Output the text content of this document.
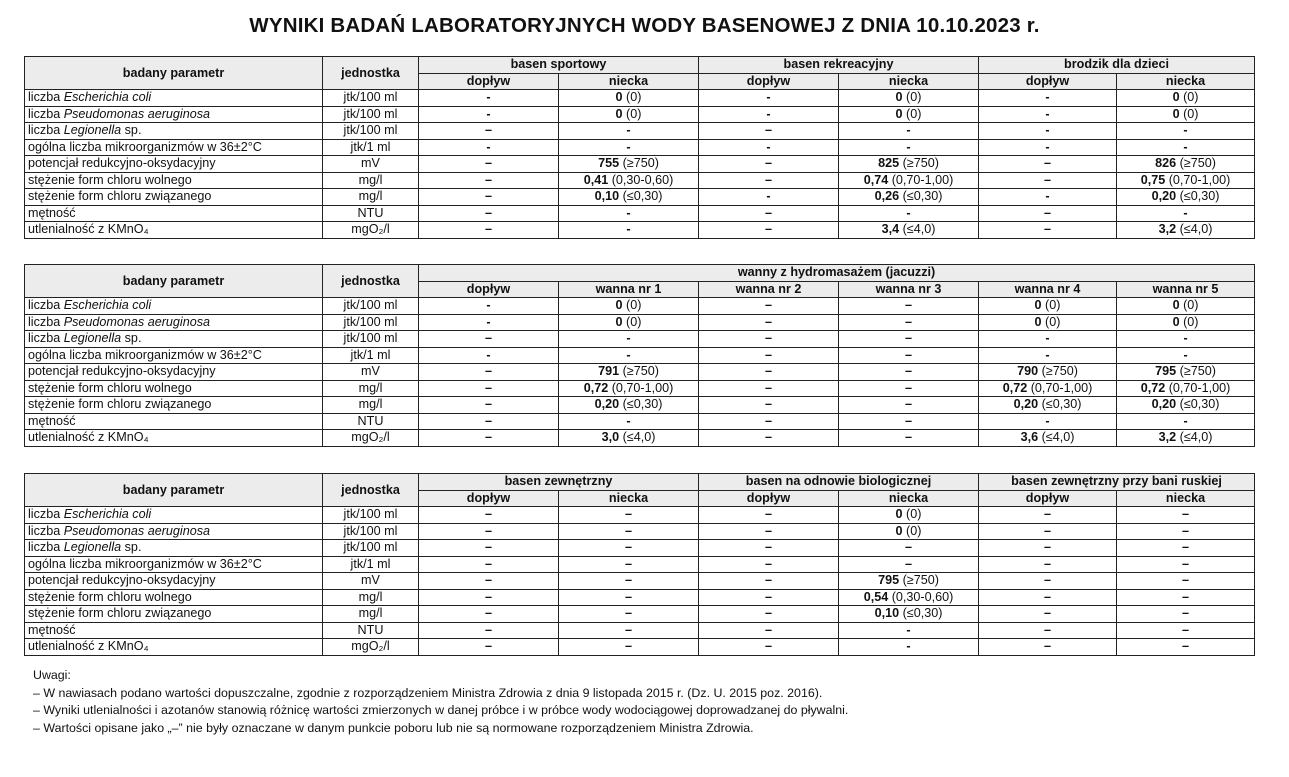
WYNIKI BADAŃ LABORATORYJNYCH WODY BASENOWEJ Z DNIA 10.10.2023 r.
badany parametr	jednostka	basen sportowy		basen rekreacyjny		brodzik dla dzieci	
		dopływ	niecka	dopływ	niecka	dopływ	niecka
liczba Escherichia coli	jtk/100 ml	-	0 (0)	-	0 (0)	-	0 (0)
liczba Pseudomonas aeruginosa	jtk/100 ml	-	0 (0)	-	0 (0)	-	0 (0)
liczba Legionella sp.	jtk/100 ml	–	-	–	-	-	-
ogólna liczba mikroorganizmów w 36±2°C	jtk/1 ml	-	-	-	-	-	-
potencjał redukcyjno-oksydacyjny	mV	–	755 (≥750)	–	825 (≥750)	–	826 (≥750)
stężenie form chloru wolnego	mg/l	–	0,41 (0,30-0,60)	–	0,74 (0,70-1,00)	–	0,75 (0,70-1,00)
stężenie form chloru związanego	mg/l	–	0,10 (≤0,30)	-	0,26 (≤0,30)	-	0,20 (≤0,30)
mętność	NTU	–	-	–	-	–	-
utlenialność z KMnO₄	mgO₂/l	–	-	–	3,4 (≤4,0)	–	3,2 (≤4,0)
badany parametr	jednostka	wanny z hydromasażem (jacuzzi)					
		dopływ	wanna nr 1	wanna nr 2	wanna nr 3	wanna nr 4	wanna nr 5
liczba Escherichia coli	jtk/100 ml	-	0 (0)	–	–	0 (0)	0 (0)
liczba Pseudomonas aeruginosa	jtk/100 ml	-	0 (0)	–	–	0 (0)	0 (0)
liczba Legionella sp.	jtk/100 ml	–	-	–	–	-	-
ogólna liczba mikroorganizmów w 36±2°C	jtk/1 ml	-	-	–	–	-	-
potencjał redukcyjno-oksydacyjny	mV	–	791 (≥750)	–	–	790 (≥750)	795 (≥750)
stężenie form chloru wolnego	mg/l	–	0,72 (0,70-1,00)	–	–	0,72 (0,70-1,00)	0,72 (0,70-1,00)
stężenie form chloru związanego	mg/l	–	0,20 (≤0,30)	–	–	0,20 (≤0,30)	0,20 (≤0,30)
mętność	NTU	–	-	–	–	-	-
utlenialność z KMnO₄	mgO₂/l	–	3,0 (≤4,0)	–	–	3,6 (≤4,0)	3,2 (≤4,0)
badany parametr	jednostka	basen zewnętrzny		basen na odnowie biologicznej		basen zewnętrzny przy bani ruskiej	
		dopływ	niecka	dopływ	niecka	dopływ	niecka
liczba Escherichia coli	jtk/100 ml	–	–	–	0 (0)	–	–
liczba Pseudomonas aeruginosa	jtk/100 ml	–	–	–	0 (0)	–	–
liczba Legionella sp.	jtk/100 ml	–	–	–	–	–	–
ogólna liczba mikroorganizmów w 36±2°C	jtk/1 ml	–	–	–	–	–	–
potencjał redukcyjno-oksydacyjny	mV	–	–	–	795 (≥750)	–	–
stężenie form chloru wolnego	mg/l	–	–	–	0,54 (0,30-0,60)	–	–
stężenie form chloru związanego	mg/l	–	–	–	0,10 (≤0,30)	–	–
mętność	NTU	–	–	–	-	–	–
utlenialność z KMnO₄	mgO₂/l	–	–	–	-	–	–
Uwagi:
– W nawiasach podano wartości dopuszczalne, zgodnie z rozporządzeniem Ministra Zdrowia z dnia 9 listopada 2015 r. (Dz. U. 2015 poz. 2016).
– Wyniki utlenialności i azotanów stanowią różnicę wartości zmierzonych w danej próbce i w próbce wody wodociągowej doprowadzanej do pływalni.
– Wartości opisane jako „–” nie były oznaczane w danym punkcie poboru lub nie są normowane rozporządzeniem Ministra Zdrowia.
